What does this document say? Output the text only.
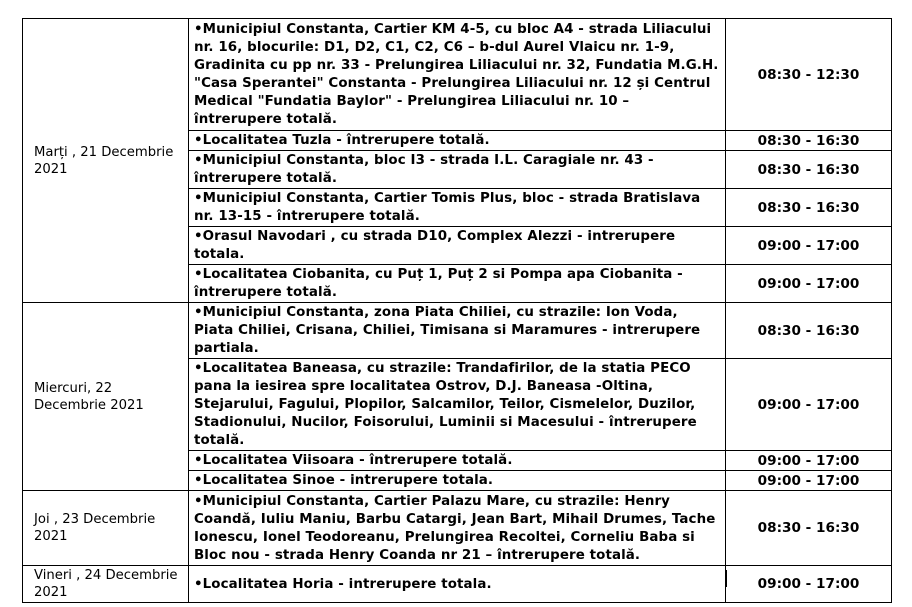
Marți , 21 Decembrie 2021	•Municipiul Constanta, Cartier KM 4-5, cu bloc A4 - strada Liliacului nr. 16, blocurile: D1, D2, C1, C2, C6 – b-dul Aurel Vlaicu nr. 1-9, Gradinita cu pp nr. 33 - Prelungirea Liliacului nr. 32, Fundatia M.G.H. "Casa Sperantei" Constanta - Prelungirea Liliacului nr. 12 și Centrul Medical "Fundatia Baylor" - Prelungirea Liliacului nr. 10 – întrerupere totală.	08:30 - 12:30
	•Localitatea Tuzla - întrerupere totală.	08:30 - 16:30
	•Municipiul Constanta, bloc I3 - strada I.L. Caragiale nr. 43 - întrerupere totală.	08:30 - 16:30
	•Municipiul Constanta, Cartier Tomis Plus, bloc - strada Bratislava nr. 13-15 - întrerupere totală.	08:30 - 16:30
	•Orasul Navodari , cu strada D10, Complex Alezzi - intrerupere totala.	09:00 - 17:00
	•Localitatea Ciobanita, cu Puț 1, Puț 2 si Pompa apa Ciobanita - întrerupere totală.	09:00 - 17:00
Miercuri, 22 Decembrie 2021	•Municipiul Constanta, zona Piata Chiliei, cu strazile: Ion Voda, Piata Chiliei, Crisana, Chiliei, Timisana si Maramures - intrerupere partiala.	08:30 - 16:30
	•Localitatea Baneasa, cu strazile: Trandafirilor, de la statia PECO pana la iesirea spre localitatea Ostrov, D.J. Baneasa -Oltina, Stejarului, Fagului, Plopilor, Salcamilor, Teilor, Cismelelor, Duzilor, Stadionului, Nucilor, Foisorului, Luminii si Macesului - întrerupere totală.	09:00 - 17:00
	•Localitatea Viisoara - întrerupere totală.	09:00 - 17:00
	•Localitatea Sinoe - intrerupere totala.	09:00 - 17:00
Joi , 23 Decembrie 2021	•Municipiul Constanta, Cartier Palazu Mare, cu strazile: Henry Coandă, Iuliu Maniu, Barbu Catargi, Jean Bart, Mihail Drumes, Tache Ionescu, Ionel Teodoreanu, Prelungirea Recoltei, Corneliu Baba si Bloc nou - strada Henry Coanda nr 21 – întrerupere totală.	08:30 - 16:30
Vineri , 24 Decembrie 2021	•Localitatea Horia - intrerupere totala.	09:00 - 17:00
